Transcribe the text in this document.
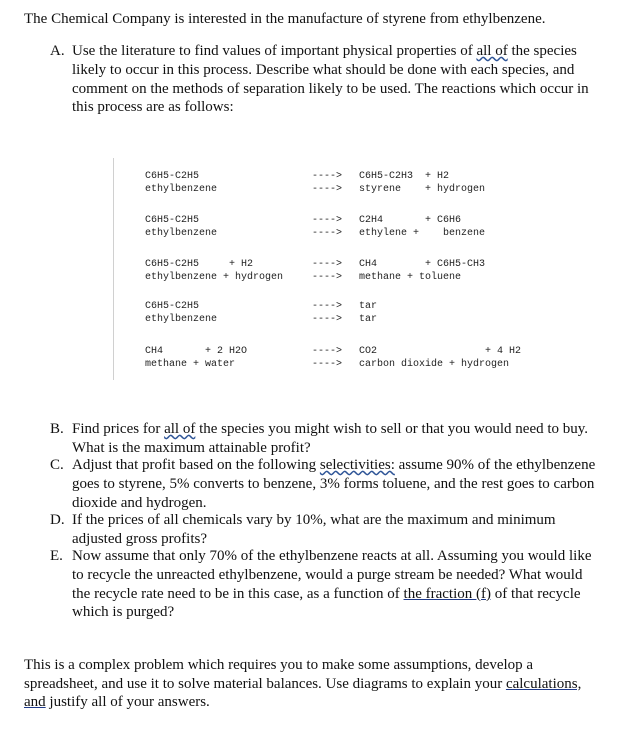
The Chemical Company is interested in the manufacture of styrene from ethylbenzene.
A. Use the literature to find values of important physical properties of all of the species likely to occur in this process. Describe what should be done with each species, and comment on the methods of separation likely to be used. The reactions which occur in this process are as follows:
C6H5-C2H5
ethylbenzene
---->
---->
C6H5-C2H3  + H2
styrene    + hydrogen
C6H5-C2H5
ethylbenzene
---->
---->
C2H4       + C6H6
ethylene +    benzene
C6H5-C2H5     + H2
ethylbenzene + hydrogen
---->
---->
CH4        + C6H5-CH3
methane + toluene
C6H5-C2H5
ethylbenzene
---->
---->
tar
tar
CH4       + 2 H2O
methane + water
---->
---->
CO2                  + 4 H2
carbon dioxide + hydrogen
B. Find prices for all of the species you might wish to sell or that you would need to buy. What is the maximum attainable profit?
C. Adjust that profit based on the following selectivities: assume 90% of the ethylbenzene goes to styrene, 5% converts to benzene, 3% forms toluene, and the rest goes to carbon dioxide and hydrogen.
D. If the prices of all chemicals vary by 10%, what are the maximum and minimum adjusted gross profits?
E. Now assume that only 70% of the ethylbenzene reacts at all. Assuming you would like to recycle the unreacted ethylbenzene, would a purge stream be needed? What would the recycle rate need to be in this case, as a function of the fraction (f) of that recycle which is purged?
This is a complex problem which requires you to make some assumptions, develop a spreadsheet, and use it to solve material balances. Use diagrams to explain your calculations, and justify all of your answers.
